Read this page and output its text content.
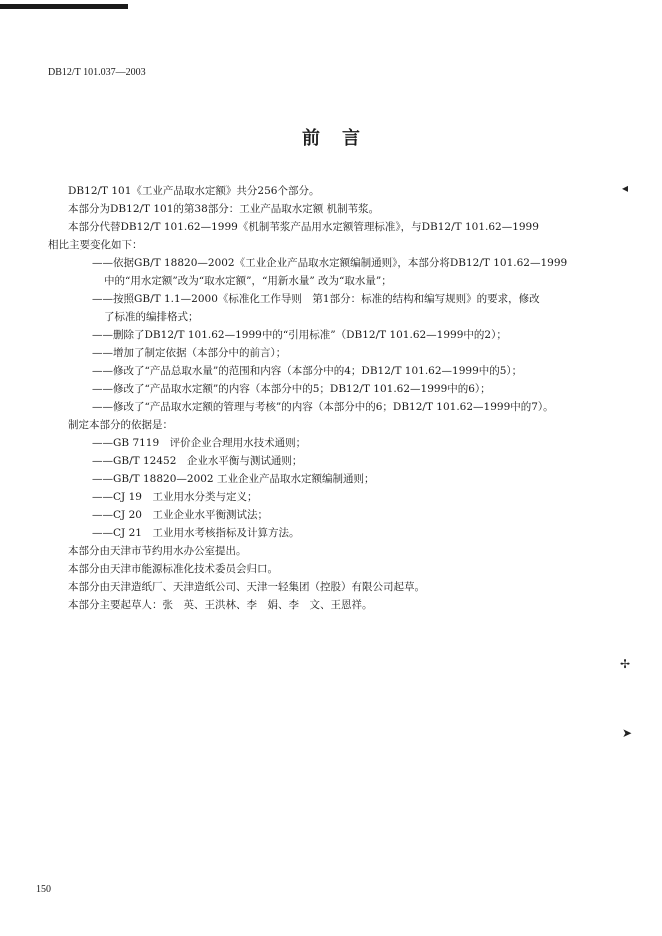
DB12/T 101.037—2003
前言
DB12/T 101《工业产品取水定额》共分256个部分。
本部分为DB12/T 101的第38部分：工业产品取水定额 机制苇浆。
本部分代替DB12/T 101.62—1999《机制苇浆产品用水定额管理标准》，与DB12/T 101.62—1999
相比主要变化如下：
——依据GB/T 18820—2002《工业企业产品取水定额编制通则》，本部分将DB12/T 101.62—1999
中的“用水定额”改为“取水定额”，“用新水量” 改为“取水量”；
——按照GB/T 1.1—2000《标准化工作导则　第1部分：标准的结构和编写规则》的要求，修改
了标准的编排格式；
——删除了DB12/T 101.62—1999中的“引用标准”（DB12/T 101.62—1999中的2）；
——增加了制定依据（本部分中的前言）；
——修改了“产品总取水量”的范围和内容（本部分中的4；DB12/T 101.62—1999中的5）；
——修改了“产品取水定额”的内容（本部分中的5；DB12/T 101.62—1999中的6）；
——修改了“产品取水定额的管理与考核”的内容（本部分中的6；DB12/T 101.62—1999中的7）。
制定本部分的依据是：
——GB 7119　评价企业合理用水技术通则；
——GB/T 12452　企业水平衡与测试通则；
——GB/T 18820—2002 工业企业产品取水定额编制通则；
——CJ 19　工业用水分类与定义；
——CJ 20　工业企业水平衡测试法；
——CJ 21　工业用水考核指标及计算方法。
本部分由天津市节约用水办公室提出。
本部分由天津市能源标准化技术委员会归口。
本部分由天津造纸厂、天津造纸公司、天津一轻集团（控股）有限公司起草。
本部分主要起草人：张　英、王洪林、李　娟、李　文、王恩祥。
◂
✢
➤
150
